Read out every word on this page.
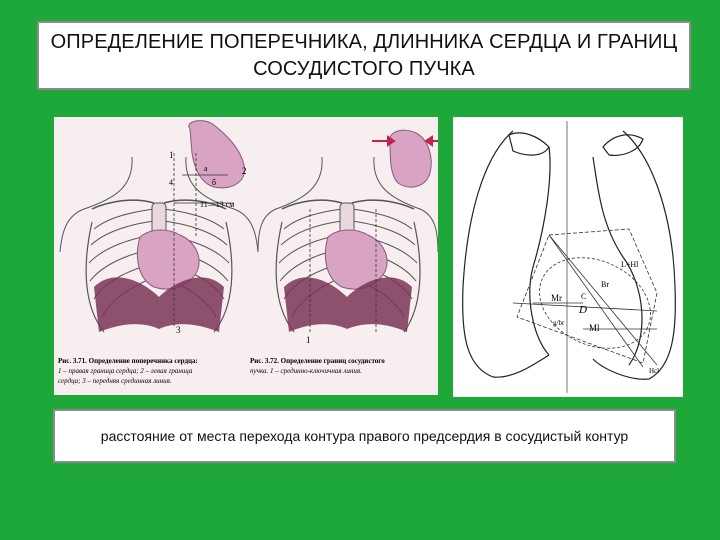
ОПРЕДЕЛЕНИЕ ПОПЕРЕЧНИКА, ДЛИННИКА СЕРДЦА И ГРАНИЦ СОСУДИСТОГО ПУЧКА
1
2
3
4
а
б
11—13 см
1
Рис. 3.71. Определение поперечника сердца:
1 – правая граница сердца; 2 – левая граница
сердца; 3 – передняя срединная линия.
Рис. 3.72. Определение границ сосудистого
пучка. 1 – срединно-ключичная линия.
Mr
Ml
D
C
Br
L+Hl
g/br
Hcl

расстояние от места перехода контура правого предсердия в сосудистый контур
